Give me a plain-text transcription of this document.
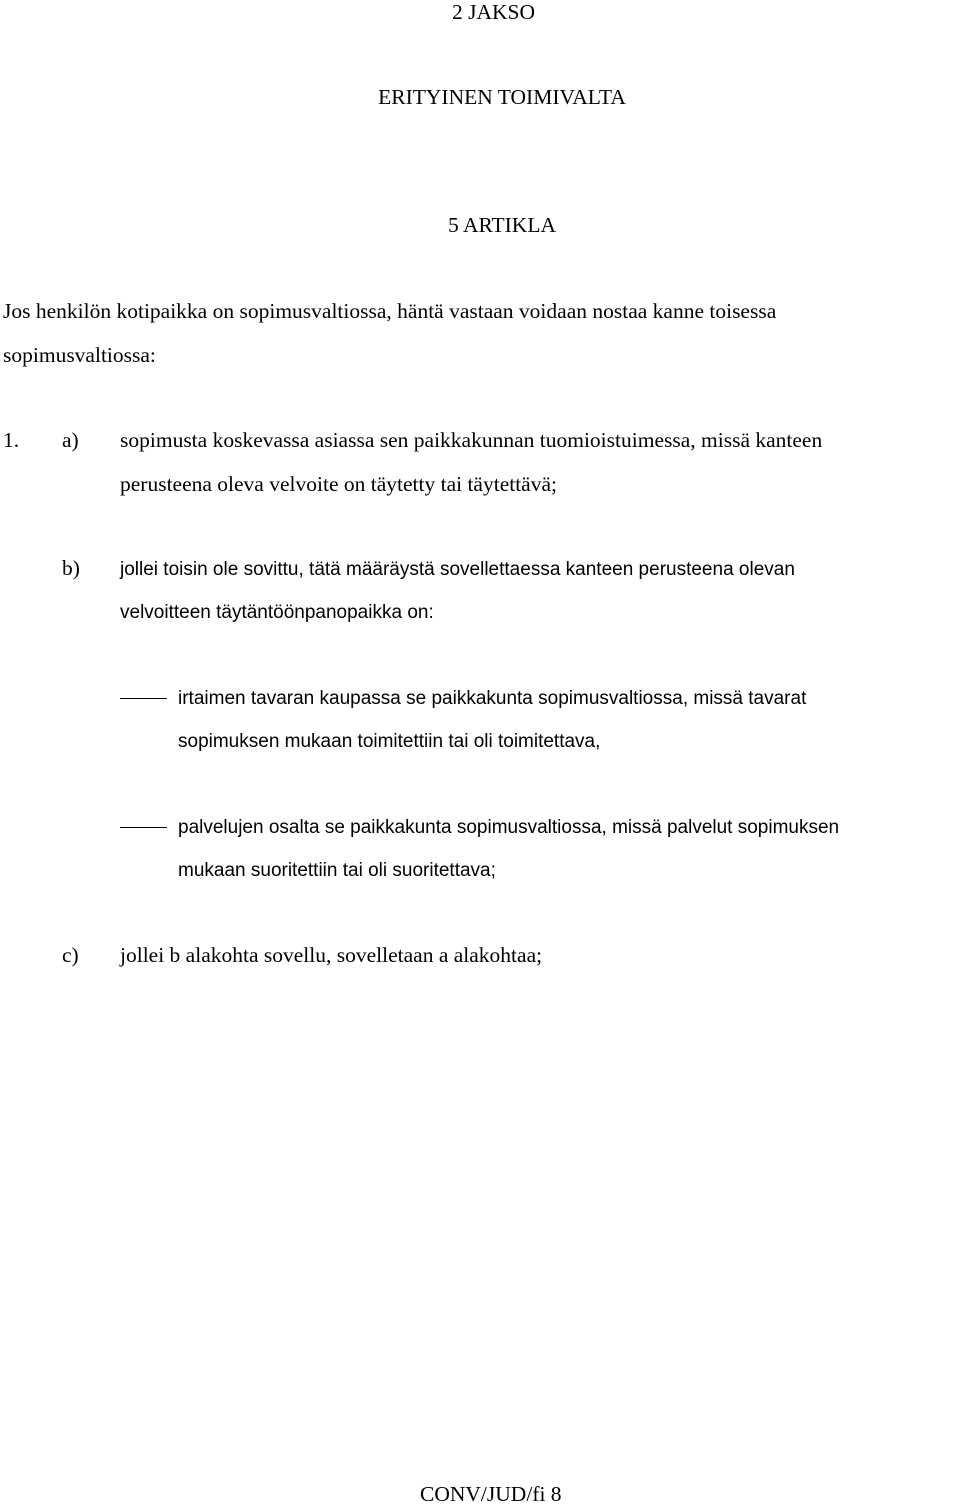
2 JAKSO
ERITYINEN TOIMIVALTA
5 ARTIKLA
Jos henkilön kotipaikka on sopimusvaltiossa, häntä vastaan voidaan nostaa kanne toisessa
sopimusvaltiossa:
1. a) sopimusta koskevassa asiassa sen paikkakunnan tuomioistuimessa, missä kanteen
perusteena oleva velvoite on täytetty tai täytettävä;
b) jollei toisin ole sovittu, tätä määräystä sovellettaessa kanteen perusteena olevan
velvoitteen täytäntöönpanopaikka on:
irtaimen tavaran kaupassa se paikkakunta sopimusvaltiossa, missä tavarat
sopimuksen mukaan toimitettiin tai oli toimitettava,
palvelujen osalta se paikkakunta sopimusvaltiossa, missä palvelut sopimuksen
mukaan suoritettiin tai oli suoritettava;
c) jollei b alakohta sovellu, sovelletaan a alakohtaa;
CONV/JUD/fi 8
